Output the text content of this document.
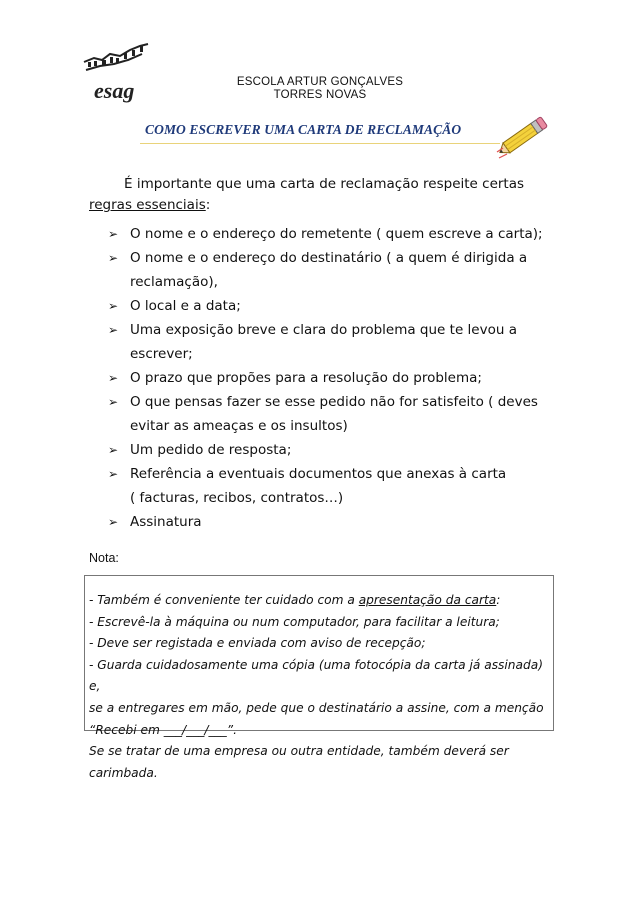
esag	ESCOLA ARTUR GONÇALVES
TORRES NOVAS
COMO ESCREVER UMA CARTA DE RECLAMAÇÃO
É importante que uma carta de reclamação respeite certas
regras essenciais:
➢ O nome e o endereço do remetente ( quem escreve a carta);
➢ O nome e o endereço do destinatário ( a quem é dirigida a
reclamação),
➢ O local e a data;
➢ Uma exposição breve e clara do problema que te levou a
escrever;
➢ O prazo que propões para a resolução do problema;
➢ O que pensas fazer se esse pedido não for satisfeito ( deves
evitar as ameaças e os insultos)
➢ Um pedido de resposta;
➢ Referência a eventuais documentos que anexas à carta
( facturas, recibos, contratos…)
➢ Assinatura
Nota:
- Também é conveniente ter cuidado com a apresentação da carta:
- Escrevê-la à máquina ou num computador, para facilitar a leitura;
- Deve ser registada e enviada com aviso de recepção;
- Guarda cuidadosamente uma cópia (uma fotocópia da carta já assinada) e,
se a entregares em mão, pede que o destinatário a assine, com a menção
“Recebi em ___/___/___”.
Se se tratar de uma empresa ou outra entidade, também deverá ser
carimbada.
